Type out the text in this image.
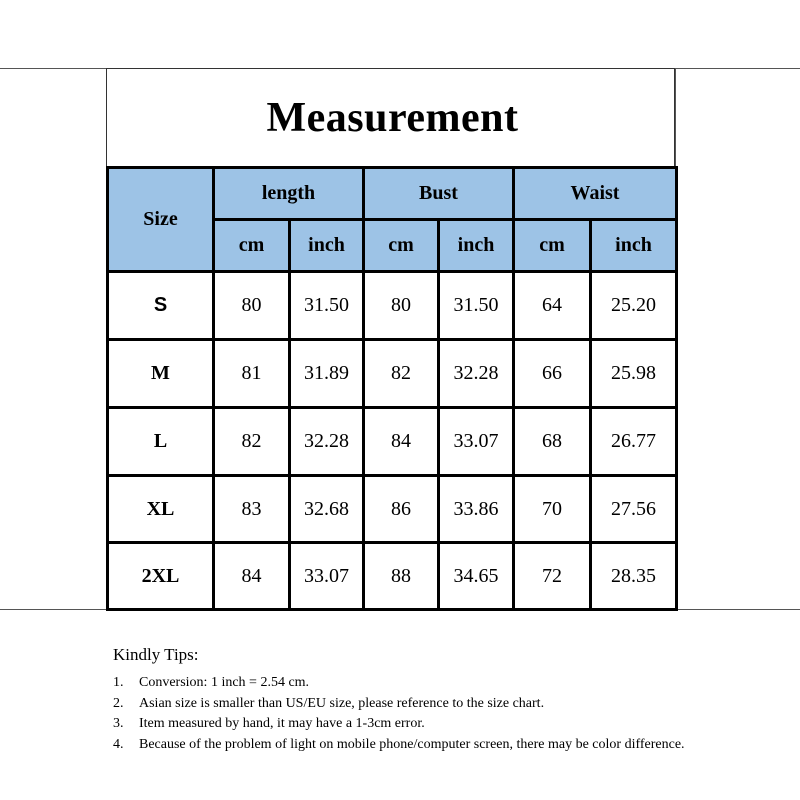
Measurement
Size	length		Bust		Waist	
	cm	inch	cm	inch	cm	inch
S	80	31.50	80	31.50	64	25.20
M	81	31.89	82	32.28	66	25.98
L	82	32.28	84	33.07	68	26.77
XL	83	32.68	86	33.86	70	27.56
2XL	84	33.07	88	34.65	72	28.35
Kindly Tips:
1. Conversion: 1 inch = 2.54 cm.
2. Asian size is smaller than US/EU size, please reference to the size chart.
3. Item measured by hand, it may have a 1-3cm error.
4. Because of the problem of light on mobile phone/computer screen, there may be color difference.
